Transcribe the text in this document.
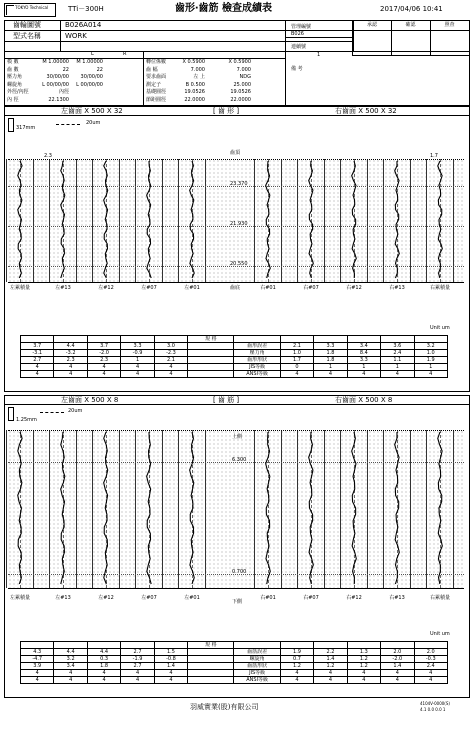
TOKYO Technical	TTi－300H	齒形‧齒筋 檢查成績表	2017/04/06 10:41
承認	確認	照查
齒輪圖號	B026A014
型式名稱	WORK
管理編號
B026
連續號
1
備 考
L	R
模 數	M 1.00000	M 1.00000
齒 數	22	22
壓力角	30/00/00	30/00/00
螺旋角	L 00/00/00	L 00/00/00
外徑/內徑	內徑
內 徑	22.1300
轉位係數	X 0.5900	X 0.5900
齒 幅	7.000	7.000
要求齒面	左 上	NDG
測定子	B 0.500	25.000
基礎圓徑	19.0526	19.0526
節距圓徑	22.0000	22.0000
左齒面 X 500 X 32	[ 齒 形 ]	右齒面 X 500 X 32
317mm
20um
齒頂
齒底
2.3	1.7
23.370
21.930
20.550
左累積量	左#13	左#12	左#07	左#01	右#01	右#07	右#12	右#13	右累積量
Unit um
					規 格						
3.7	4.4	3.7	3.3	3.0		齒形誤差	2.1	3.3	3.4	3.6	3.2
-3.1	-3.2	-2.0	-0.9	-2.3		壓力角	1.0	1.8	8.4	2.4	1.0
2.7	2.3	2.3	1	2.1		齒形形狀	1.7	1.8	3.3	1.1	1.9
4	4	4	4	4		JIS等級	0	1	1	1	1
4	4	4	4	4		ANSI等級	4	4	4	4	4
左齒面 X 500 X 8	[ 齒 筋 ]	右齒面 X 500 X 8
1.25mm
20um
上側
下側
6.300
0.700
左累積量	左#13	左#12	左#07	左#01	右#01	右#07	右#12	右#13	右累積量
Unit um
					規 格						
4.3	4.4	4.4	2.7	1.5		齒筋誤差	1.9	2.2	1.3	2.0	2.0
-4.7	3.2	0.3	-1.9	-0.8		螺旋角	0.7	1.4	1.2	-2.0	-0.3
3.9	3.4	1.8	2.7	1.4		齒筋形狀	1.2	1.2	1.2	1.4	2.4
4	4	4	4	4		JIS等級	4	4	4	4	4
4	4	4	4	4		ANSI等級	4	4	4	4	4
羽威實業(股)有限公司	4104V-0000(S)
4.1 0.0 0.0 1
